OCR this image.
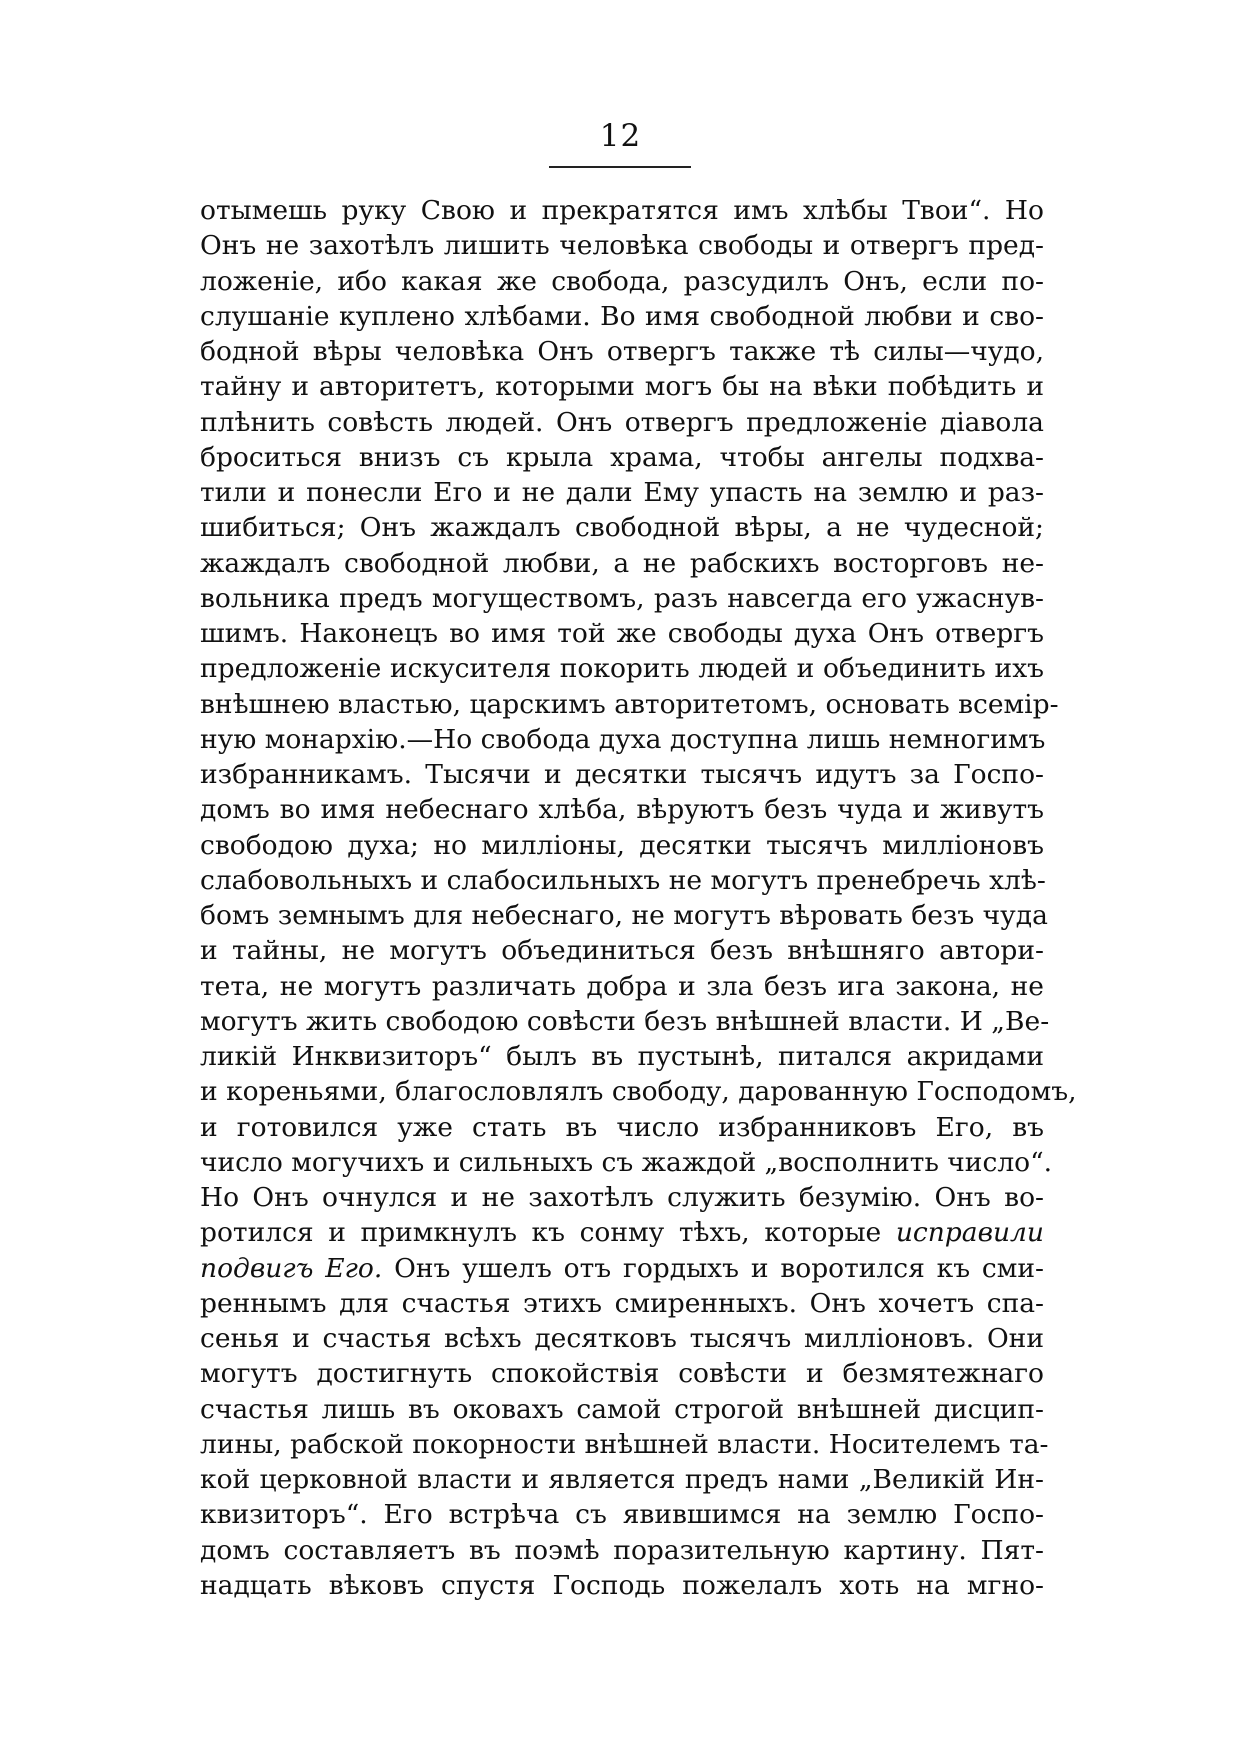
12
отымешь руку Свою и прекратятся имъ хлѣбы Твои“. Но
Онъ не захотѣлъ лишить человѣка свободы и отвергъ пред-
ложеніе, ибо какая же свобода, разсудилъ Онъ, если по-
слушаніе куплено хлѣбами. Во имя свободной любви и сво-
бодной вѣры человѣка Онъ отвергъ также тѣ силы—чудо,
тайну и авторитетъ, которыми могъ бы на вѣки побѣдить и
плѣнить совѣсть людей. Онъ отвергъ предложеніе діавола
броситься внизъ съ крыла храма, чтобы ангелы подхва-
тили и понесли Его и не дали Ему упасть на землю и раз-
шибиться; Онъ жаждалъ свободной вѣры, а не чудесной;
жаждалъ свободной любви, а не рабскихъ восторговъ не-
вольника предъ могуществомъ, разъ навсегда его ужаснув-
шимъ. Наконецъ во имя той же свободы духа Онъ отвергъ
предложеніе искусителя покорить людей и объединить ихъ
внѣшнею властью, царскимъ авторитетомъ, основать всемір-
ную монархію.—Но свобода духа доступна лишь немногимъ
избранникамъ. Тысячи и десятки тысячъ идутъ за Госпо-
домъ во имя небеснаго хлѣба, вѣруютъ безъ чуда и живутъ
свободою духа; но милліоны, десятки тысячъ милліоновъ
слабовольныхъ и слабосильныхъ не могутъ пренебречь хлѣ-
бомъ земнымъ для небеснаго, не могутъ вѣровать безъ чуда
и тайны, не могутъ объединиться безъ внѣшняго автори-
тета, не могутъ различать добра и зла безъ ига закона, не
могутъ жить свободою совѣсти безъ внѣшней власти. И „Ве-
ликій Инквизиторъ“ былъ въ пустынѣ, питался акридами
и кореньями, благословлялъ свободу, дарованную Господомъ,
и готовился уже стать въ число избранниковъ Его, въ
число могучихъ и сильныхъ съ жаждой „восполнить число“.
Но Онъ очнулся и не захотѣлъ служить безумію. Онъ во-
ротился и примкнулъ къ сонму тѣхъ, которые исправили
подвигъ Его. Онъ ушелъ отъ гордыхъ и воротился къ сми-
реннымъ для счастья этихъ смиренныхъ. Онъ хочетъ спа-
сенья и счастья всѣхъ десятковъ тысячъ милліоновъ. Они
могутъ достигнуть спокойствія совѣсти и безмятежнаго
счастья лишь въ оковахъ самой строгой внѣшней дисцип-
лины, рабской покорности внѣшней власти. Носителемъ та-
кой церковной власти и является предъ нами „Великій Ин-
квизиторъ“. Его встрѣча съ явившимся на землю Госпо-
домъ составляетъ въ поэмѣ поразительную картину. Пят-
надцать вѣковъ спустя Господь пожелалъ хоть на мгно-
